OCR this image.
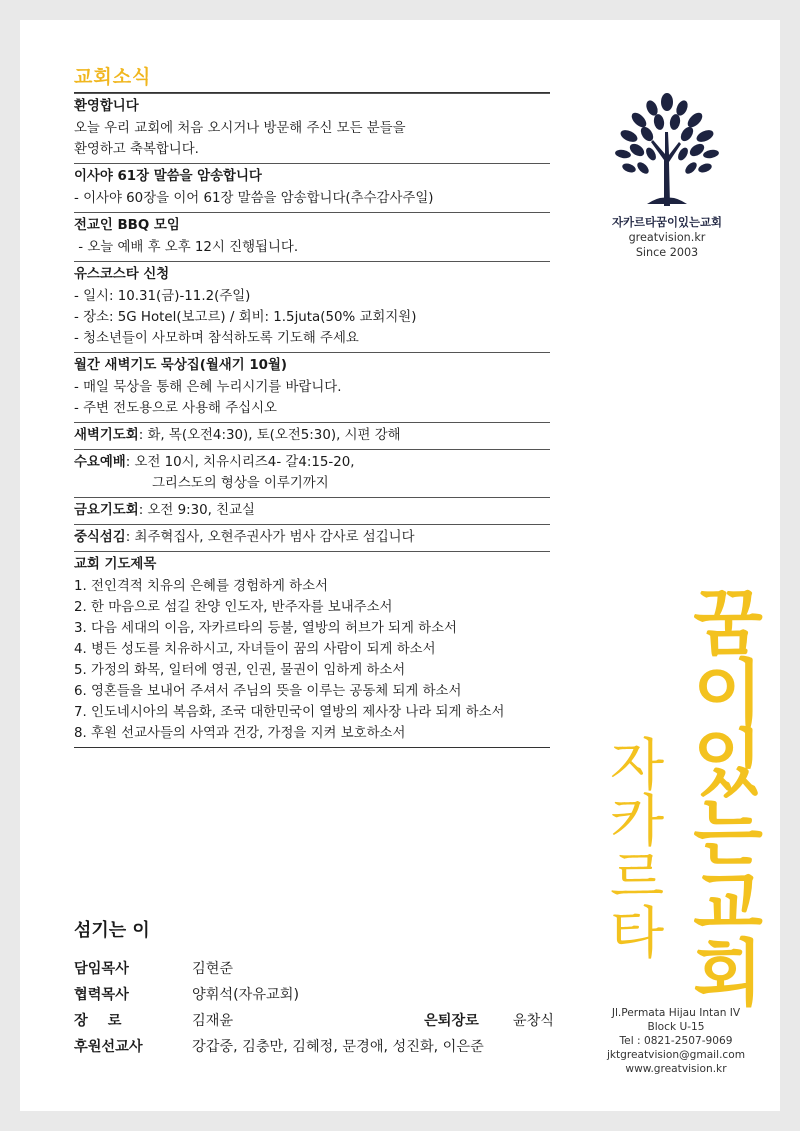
교회소식
환영합니다
오늘 우리 교회에 처음 오시거나 방문해 주신 모든 분들을
환영하고 축복합니다.
이사야 61장 말씀을 암송합니다
- 이사야 60장을 이어 61장 말씀을 암송합니다(추수감사주일)
전교인 BBQ 모임
- 오늘 예배 후 오후 12시 진행됩니다.
유스코스타 신청
- 일시: 10.31(금)-11.2(주일)
- 장소: 5G Hotel(보고르) / 회비: 1.5juta(50% 교회지원)
- 청소년들이 사모하며 참석하도록 기도해 주세요
월간 새벽기도 묵상집(월새기 10월)
- 매일 묵상을 통해 은혜 누리시기를 바랍니다.
- 주변 전도용으로 사용해 주십시오
새벽기도회: 화, 목(오전4:30), 토(오전5:30), 시편 강해
수요예배: 오전 10시, 치유시리즈4- 갈4:15-20,
그리스도의 형상을 이루기까지
금요기도회: 오전 9:30, 친교실
중식섬김: 최주혁집사, 오현주권사가 범사 감사로 섬깁니다
교회 기도제목
1. 전인격적 치유의 은혜를 경험하게 하소서
2. 한 마음으로 섬길 찬양 인도자, 반주자를 보내주소서
3. 다음 세대의 이음, 자카르타의 등불, 열방의 허브가 되게 하소서
4. 병든 성도를 치유하시고, 자녀들이 꿈의 사람이 되게 하소서
5. 가정의 화목, 일터에 영권, 인권, 물권이 임하게 하소서
6. 영혼들을 보내어 주셔서 주님의 뜻을 이루는 공동체 되게 하소서
7. 인도네시아의 복음화, 조국 대한민국이 열방의 제사장 나라 되게 하소서
8. 후원 선교사들의 사역과 건강, 가정을 지켜 보호하소서
섬기는 이
담임목사	김현준
협력목사	양휘석(자유교회)
장로	김재윤	은퇴장로 윤창식
후원선교사	강갑중, 김충만, 김혜정, 문경애, 성진화, 이은준
자카르타꿈이있는교회
greatvision.kr
Since 2003
자카르타 꿈이있는교회
Jl.Permata Hijau Intan IV
Block U-15
Tel : 0821-2507-9069
jktgreatvision@gmail.com
www.greatvision.kr
